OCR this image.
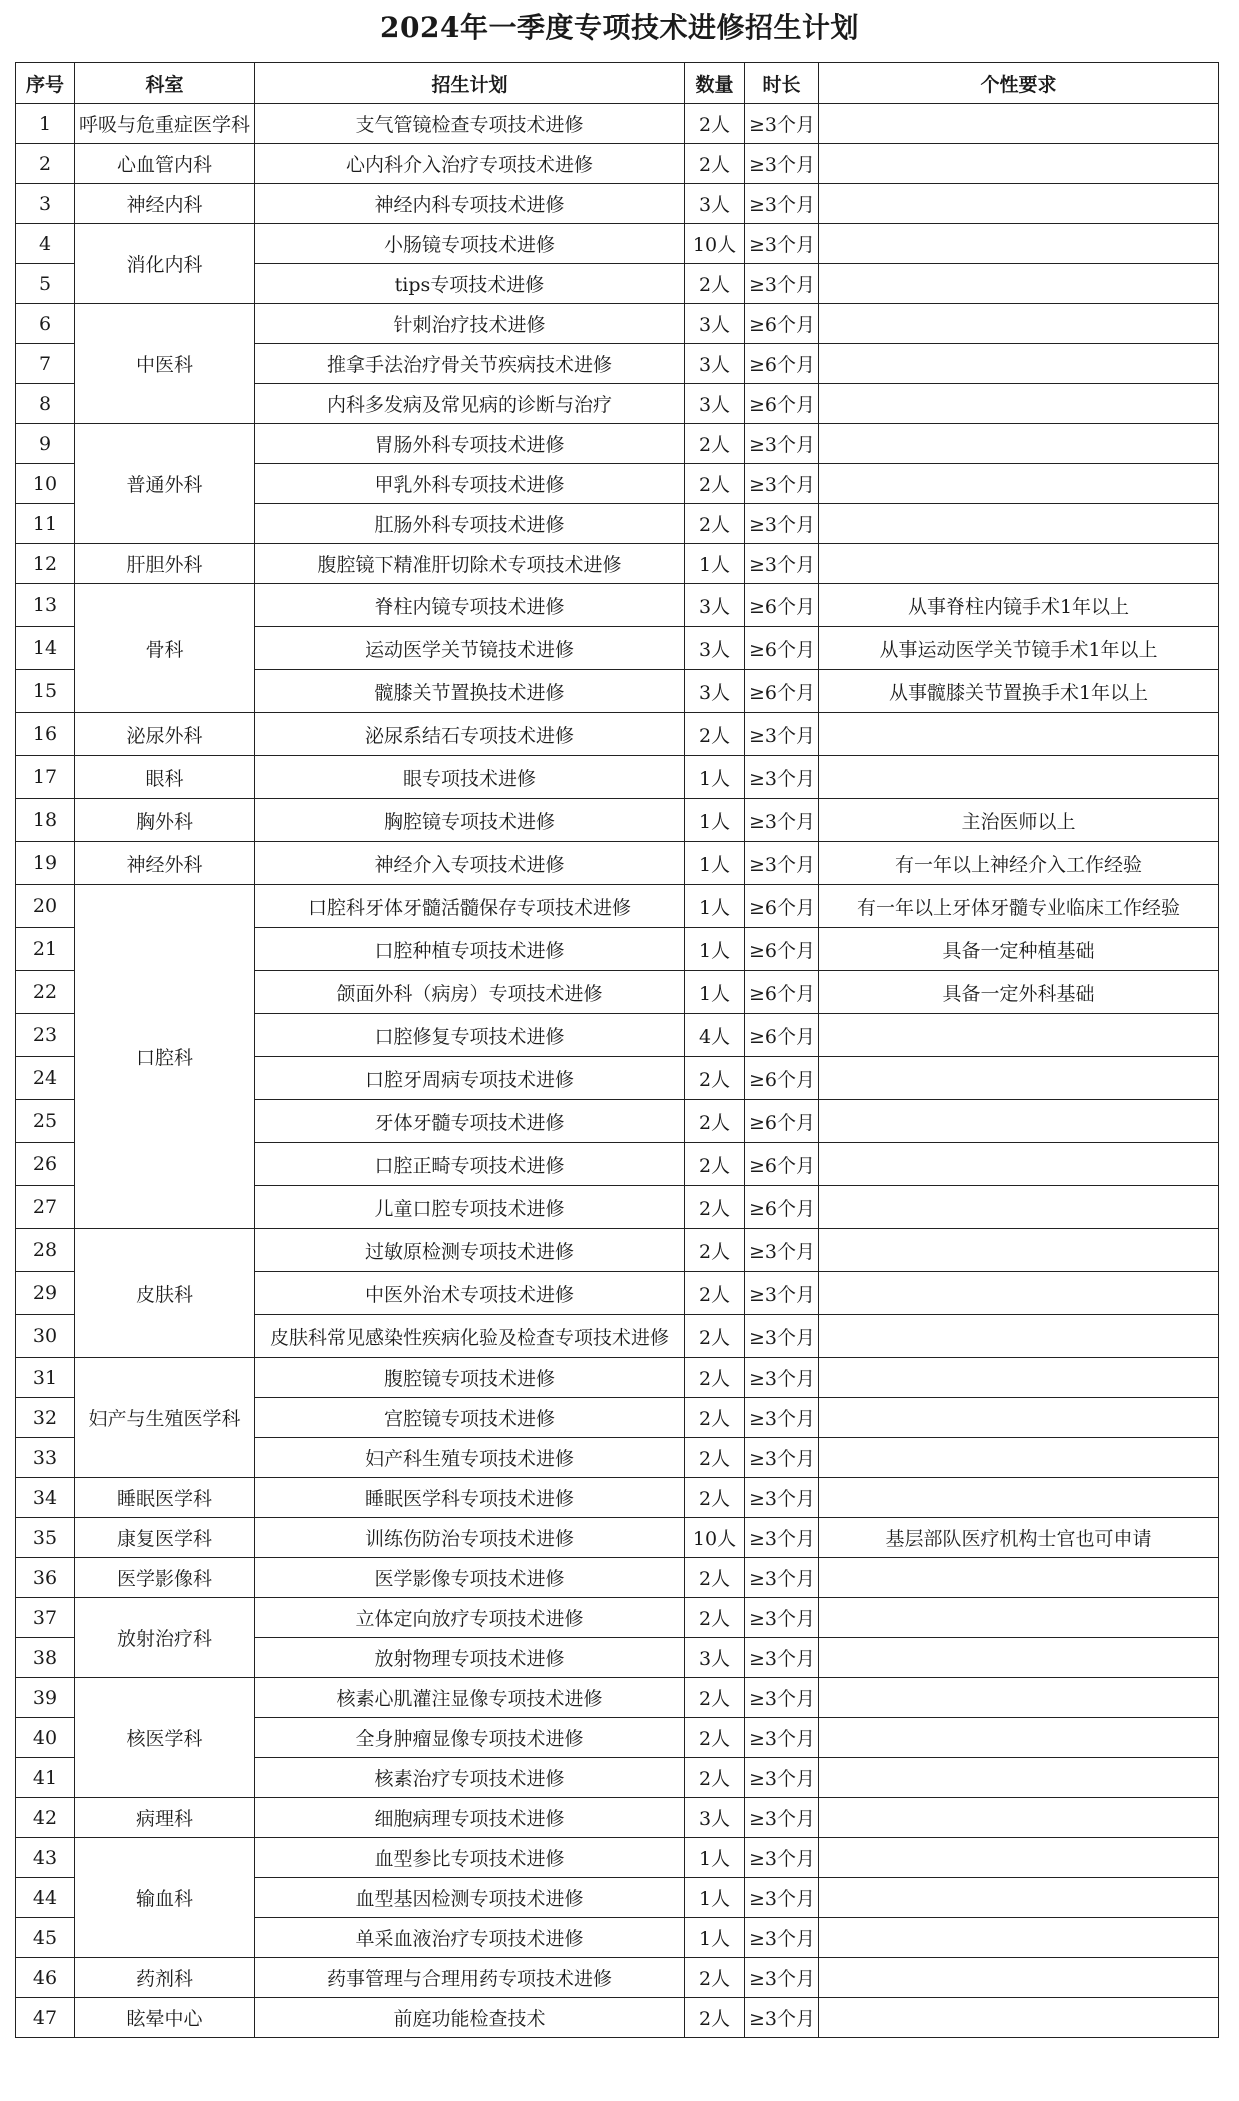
2024年一季度专项技术进修招生计划
序号	科室	招生计划	数量	时长	个性要求
1	呼吸与危重症医学科	支气管镜检查专项技术进修	2人	≥3个月	
2	心血管内科	心内科介入治疗专项技术进修	2人	≥3个月	
3	神经内科	神经内科专项技术进修	3人	≥3个月	
4	消化内科	小肠镜专项技术进修	10人	≥3个月	
5		tips专项技术进修	2人	≥3个月	
6	中医科	针刺治疗技术进修	3人	≥6个月	
7		推拿手法治疗骨关节疾病技术进修	3人	≥6个月	
8		内科多发病及常见病的诊断与治疗	3人	≥6个月	
9	普通外科	胃肠外科专项技术进修	2人	≥3个月	
10		甲乳外科专项技术进修	2人	≥3个月	
11		肛肠外科专项技术进修	2人	≥3个月	
12	肝胆外科	腹腔镜下精准肝切除术专项技术进修	1人	≥3个月	
13	骨科	脊柱内镜专项技术进修	3人	≥6个月	从事脊柱内镜手术1年以上
14		运动医学关节镜技术进修	3人	≥6个月	从事运动医学关节镜手术1年以上
15		髋膝关节置换技术进修	3人	≥6个月	从事髋膝关节置换手术1年以上
16	泌尿外科	泌尿系结石专项技术进修	2人	≥3个月	
17	眼科	眼专项技术进修	1人	≥3个月	
18	胸外科	胸腔镜专项技术进修	1人	≥3个月	主治医师以上
19	神经外科	神经介入专项技术进修	1人	≥3个月	有一年以上神经介入工作经验
20	口腔科	口腔科牙体牙髓活髓保存专项技术进修	1人	≥6个月	有一年以上牙体牙髓专业临床工作经验
21		口腔种植专项技术进修	1人	≥6个月	具备一定种植基础
22		颌面外科（病房）专项技术进修	1人	≥6个月	具备一定外科基础
23		口腔修复专项技术进修	4人	≥6个月	
24		口腔牙周病专项技术进修	2人	≥6个月	
25		牙体牙髓专项技术进修	2人	≥6个月	
26		口腔正畸专项技术进修	2人	≥6个月	
27		儿童口腔专项技术进修	2人	≥6个月	
28	皮肤科	过敏原检测专项技术进修	2人	≥3个月	
29		中医外治术专项技术进修	2人	≥3个月	
30		皮肤科常见感染性疾病化验及检查专项技术进修	2人	≥3个月	
31	妇产与生殖医学科	腹腔镜专项技术进修	2人	≥3个月	
32		宫腔镜专项技术进修	2人	≥3个月	
33		妇产科生殖专项技术进修	2人	≥3个月	
34	睡眠医学科	睡眠医学科专项技术进修	2人	≥3个月	
35	康复医学科	训练伤防治专项技术进修	10人	≥3个月	基层部队医疗机构士官也可申请
36	医学影像科	医学影像专项技术进修	2人	≥3个月	
37	放射治疗科	立体定向放疗专项技术进修	2人	≥3个月	
38		放射物理专项技术进修	3人	≥3个月	
39	核医学科	核素心肌灌注显像专项技术进修	2人	≥3个月	
40		全身肿瘤显像专项技术进修	2人	≥3个月	
41		核素治疗专项技术进修	2人	≥3个月	
42	病理科	细胞病理专项技术进修	3人	≥3个月	
43	输血科	血型参比专项技术进修	1人	≥3个月	
44		血型基因检测专项技术进修	1人	≥3个月	
45		单采血液治疗专项技术进修	1人	≥3个月	
46	药剂科	药事管理与合理用药专项技术进修	2人	≥3个月	
47	眩晕中心	前庭功能检查技术	2人	≥3个月	
